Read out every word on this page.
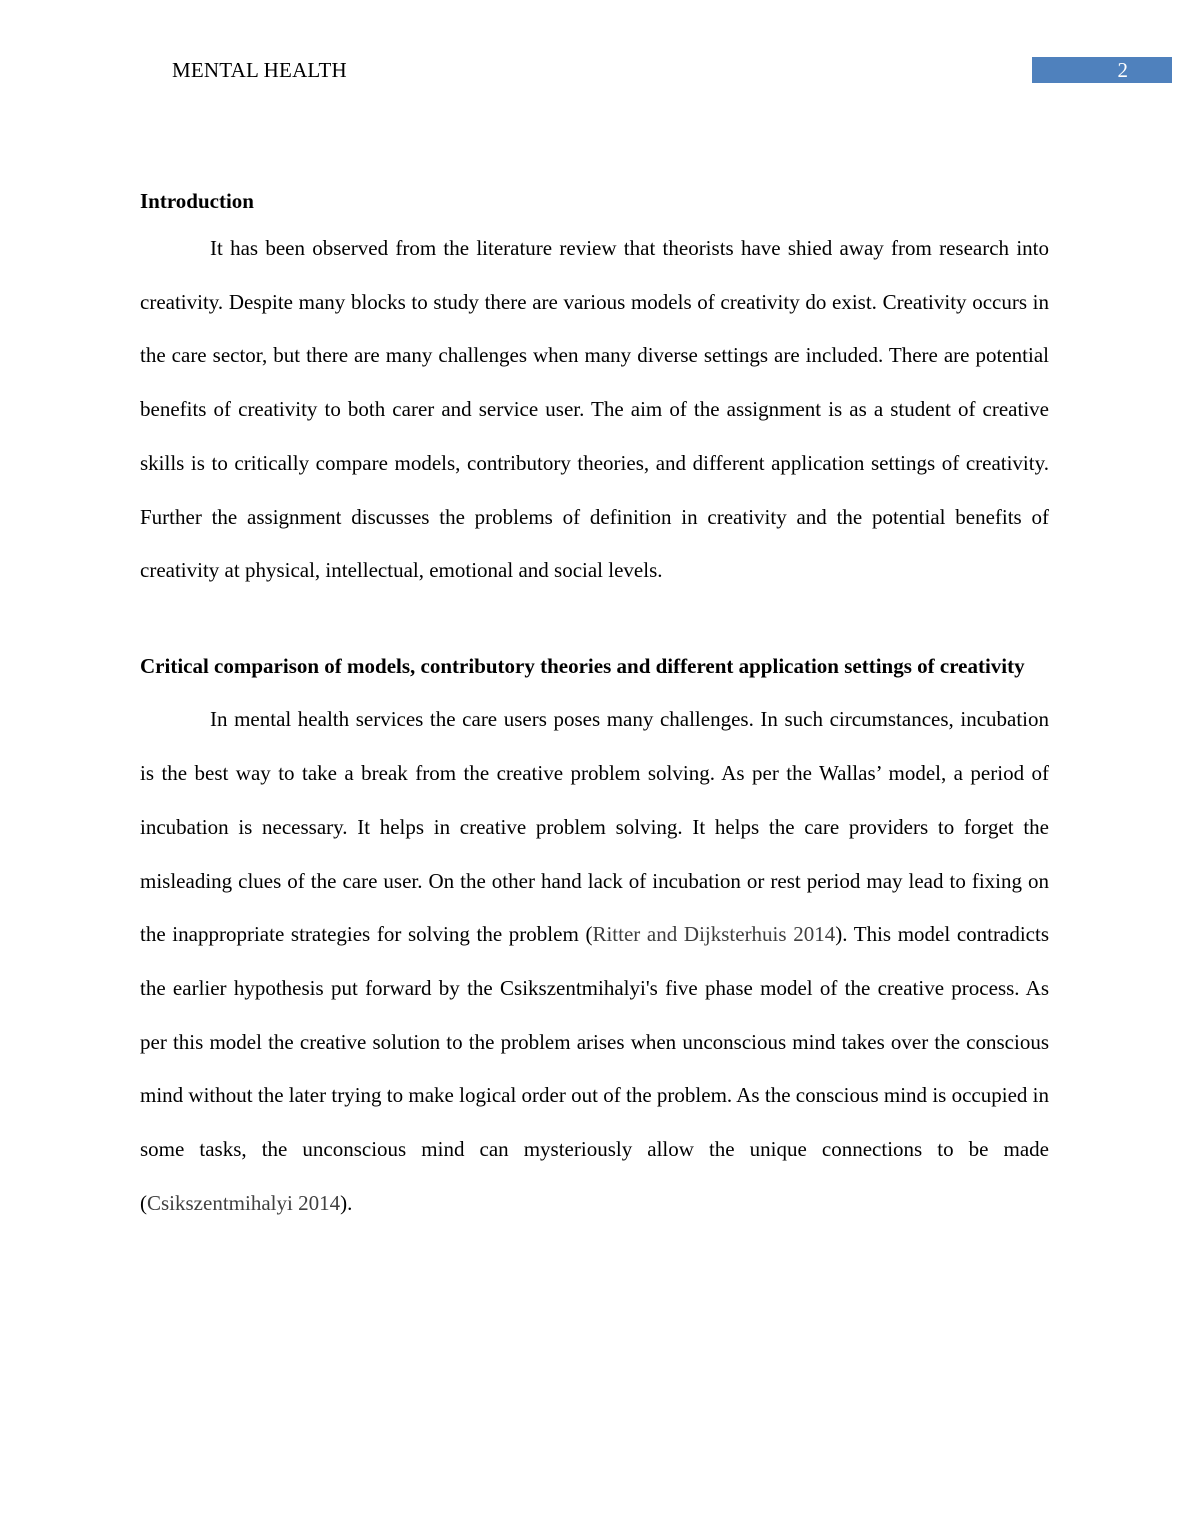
MENTAL HEALTH	2
Introduction

It has been observed from the literature review that theorists have shied away from research into creativity. Despite many blocks to study there are various models of creativity do exist. Creativity occurs in the care sector, but there are many challenges when many diverse settings are included. There are potential benefits of creativity to both carer and service user. The aim of the assignment is as a student of creative skills is to critically compare models, contributory theories, and different application settings of creativity. Further the assignment discusses the problems of definition in creativity and the potential benefits of creativity at physical, intellectual, emotional and social levels.

Critical comparison of models, contributory theories and different application settings of creativity

In mental health services the care users poses many challenges. In such circumstances, incubation is the best way to take a break from the creative problem solving. As per the Wallas’ model, a period of incubation is necessary. It helps in creative problem solving. It helps the care providers to forget the misleading clues of the care user. On the other hand lack of incubation or rest period may lead to fixing on the inappropriate strategies for solving the problem (Ritter and Dijksterhuis 2014). This model contradicts the earlier hypothesis put forward by the Csikszentmihalyi's five phase model of the creative process. As per this model the creative solution to the problem arises when unconscious mind takes over the conscious mind without the later trying to make logical order out of the problem. As the conscious mind is occupied in some tasks, the unconscious mind can mysteriously allow the unique connections to be made (Csikszentmihalyi 2014).
